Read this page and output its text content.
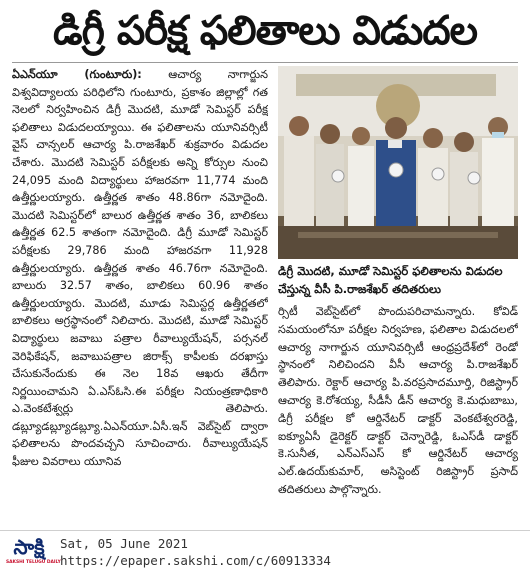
డిగ్రీ పరీక్ష ఫలితాలు విడుదల

ఏఎన్‌యూ (గుంటూరు): ఆచార్య నాగార్జున విశ్వవిద్యాలయ పరిధిలోని గుంటూరు, ప్రకాశం జిల్లాల్లో గత నెలలో నిర్వహించిన డిగ్రీ మొదటి, మూడో సెమిస్టర్‌ పరీక్ష ఫలితాలు విడుదలయ్యాయి. ఈ ఫలితాలను యూనివర్సిటీ వైస్‌ చాన్సలర్‌ ఆచార్య పి.రాజశేఖర్‌ శుక్రవారం విడుదల చేశారు. మొదటి సెమిస్టర్‌ పరీక్షలకు అన్ని కోర్సుల నుంచి 24,095 మంది విద్యార్థులు హాజరవగా 11,774 మంది ఉత్తీర్ణులయ్యారు. ఉత్తీర్ణత శాతం 48.86గా నమోదైంది. మొదటి సెమిస్టర్‌లో బాలుర ఉత్తీర్ణత శాతం 36, బాలికలు ఉత్తీర్ణత 62.5 శాతంగా నమోదైంది. డిగ్రీ మూడో సెమిస్టర్‌ పరీక్షలకు 29,786 మంది హాజరవగా 11,928 ఉత్తీర్ణులయ్యారు. ఉత్తీర్ణత శాతం 46.76గా నమోదైంది. బాలురు 32.57 శాతం, బాలికలు 60.96 శాతం ఉత్తీర్ణులయ్యారు. మొదటి, మూడు సెమిస్టర్ల ఉత్తీర్ణతలో బాలికలు అగ్రస్థానంలో నిలిచారు. మొదటి, మూడో సెమిస్టర్‌ విద్యార్థులు జవాబు పత్రాల రీవాల్యుయేషన్, పర్సనల్‌ వెరిఫికేషన్, జవాబుపత్రాల జిరాక్స్‌ కాపీలకు దరఖాస్తు చేసుకునేందుకు ఈ నెల 18వ ఆఖరు తేదీగా నిర్ణయించామని ఏ.ఎ‌స్‌ఓ‌సి.ఈ పరీక్షల నియంత్రణాధికారి ఎ.వెంకటేశ్వర్లు తెలిపారు. డబ్ల్యూడబ్ల్యూడబ్ల్యూ.ఏఎన్‌యూ.ఏసీ.ఇన్‌ వెబ్‌సైట్‌ ద్వారా ఫలితాలను పొందవచ్చని సూచించారు. రీవాల్యుయేషన్‌ ఫీజుల వివరాలు యూనివ

డిగ్రీ మొదటి, మూడో సెమిస్టర్‌ ఫలితాలను విడుదల చేస్తున్న వీసీ పి.రాజశేఖర్‌ తదితరులు

ర్సిటీ వెబ్‌సైట్‌లో పొందుపరిచామన్నారు. కోవిడ్‌ సమయంలోనూ పరీక్షల నిర్వహణ, ఫలితాల విడుదలలో ఆచార్య నాగార్జున యూనివర్సిటీ ఆంధ్రప్రదేశ్‌లో రెండో స్థానంలో నిలిచిందని వీసీ ఆచార్య పి.రాజశేఖర్‌ తెలిపారు. రెక్టార్‌ ఆచార్య పి.వరప్రసాదమూర్తి, రిజిస్ట్రార్‌ ఆచార్య కె.రోశయ్య, సీడీసీ డీన్‌ ఆచార్య కె.మధుబాబు, డిగ్రీ పరీక్షల కో ఆర్డినేటర్‌ డాక్టర్‌ వెంకటేశ్వరరెడ్డి, ఐక్యూఏసీ డైరెక్టర్‌ డాక్టర్‌ చెన్నారెడ్డి, ఓఎస్‌డీ డాక్టర్‌ కె.సునీత, ఎన్‌ఎస్‌ఎస్‌ కో ఆర్డినేటర్‌ ఆచార్య ఎల్‌.ఉదయ్‌కుమార్, అసిస్టెంట్‌ రిజిస్ట్రార్‌ ప్రసాద్‌ తదితరులు పాల్గొన్నారు.

సాక్షి
SAKSHI TELUGU DAILY
Sat, 05 June 2021
https://epaper.sakshi.com/c/60913334
